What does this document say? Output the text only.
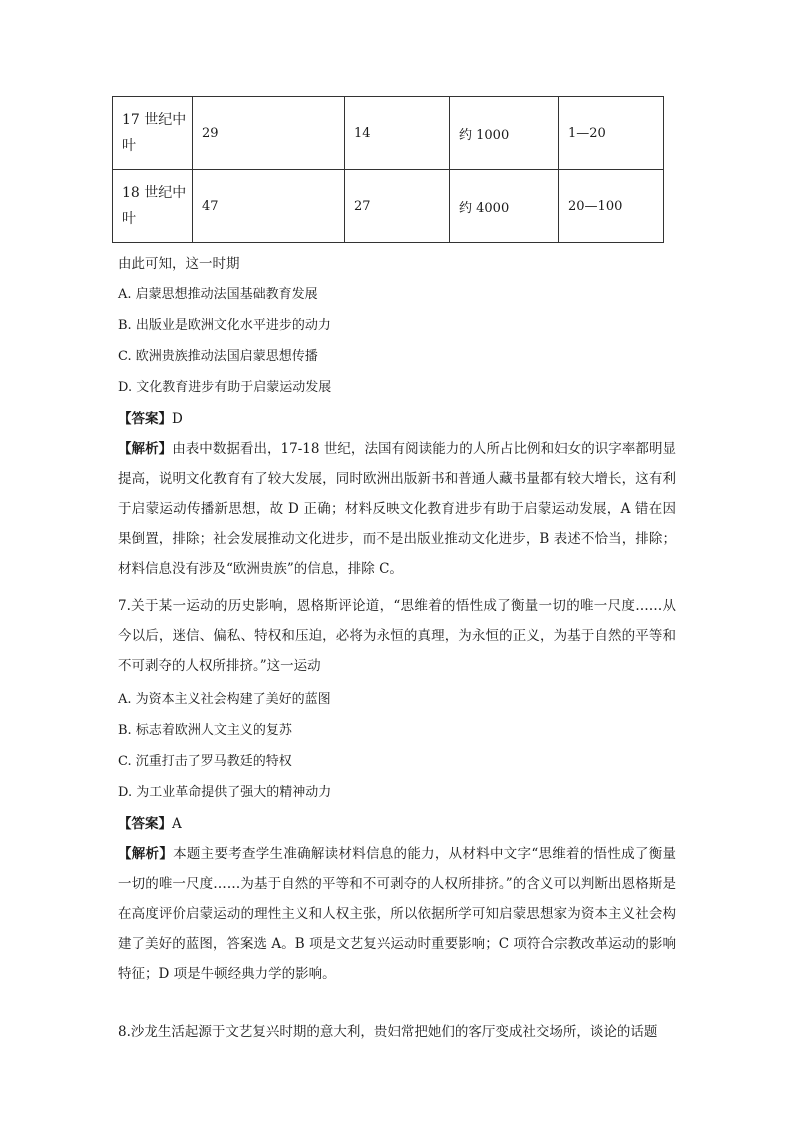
17 世纪中叶	29	14	约 1000	1—20
18 世纪中叶	47	27	约 4000	20—100
由此可知，这一时期
A. 启蒙思想推动法国基础教育发展
B. 出版业是欧洲文化水平进步的动力
C. 欧洲贵族推动法国启蒙思想传播
D. 文化教育进步有助于启蒙运动发展
【答案】D
【解析】由表中数据看出，17-18 世纪，法国有阅读能力的人所占比例和妇女的识字率都明显提高，说明文化教育有了较大发展，同时欧洲出版新书和普通人藏书量都有较大增长，这有利于启蒙运动传播新思想，故 D 正确；材料反映文化教育进步有助于启蒙运动发展，A 错在因果倒置，排除；社会发展推动文化进步，而不是出版业推动文化进步，B 表述不恰当，排除；材料信息没有涉及“欧洲贵族”的信息，排除 C。
7.关于某一运动的历史影响，恩格斯评论道，“思维着的悟性成了衡量一切的唯一尺度……从今以后，迷信、偏私、特权和压迫，必将为永恒的真理，为永恒的正义，为基于自然的平等和不可剥夺的人权所排挤。”这一运动
A. 为资本主义社会构建了美好的蓝图
B. 标志着欧洲人文主义的复苏
C. 沉重打击了罗马教廷的特权
D. 为工业革命提供了强大的精神动力
【答案】A
【解析】本题主要考查学生准确解读材料信息的能力，从材料中文字“思维着的悟性成了衡量一切的唯一尺度……为基于自然的平等和不可剥夺的人权所排挤。”的含义可以判断出恩格斯是在高度评价启蒙运动的理性主义和人权主张，所以依据所学可知启蒙思想家为资本主义社会构建了美好的蓝图，答案选 A。B 项是文艺复兴运动时重要影响；C 项符合宗教改革运动的影响特征；D 项是牛顿经典力学的影响。
8.沙龙生活起源于文艺复兴时期的意大利，贵妇常把她们的客厅变成社交场所，谈论的话题
